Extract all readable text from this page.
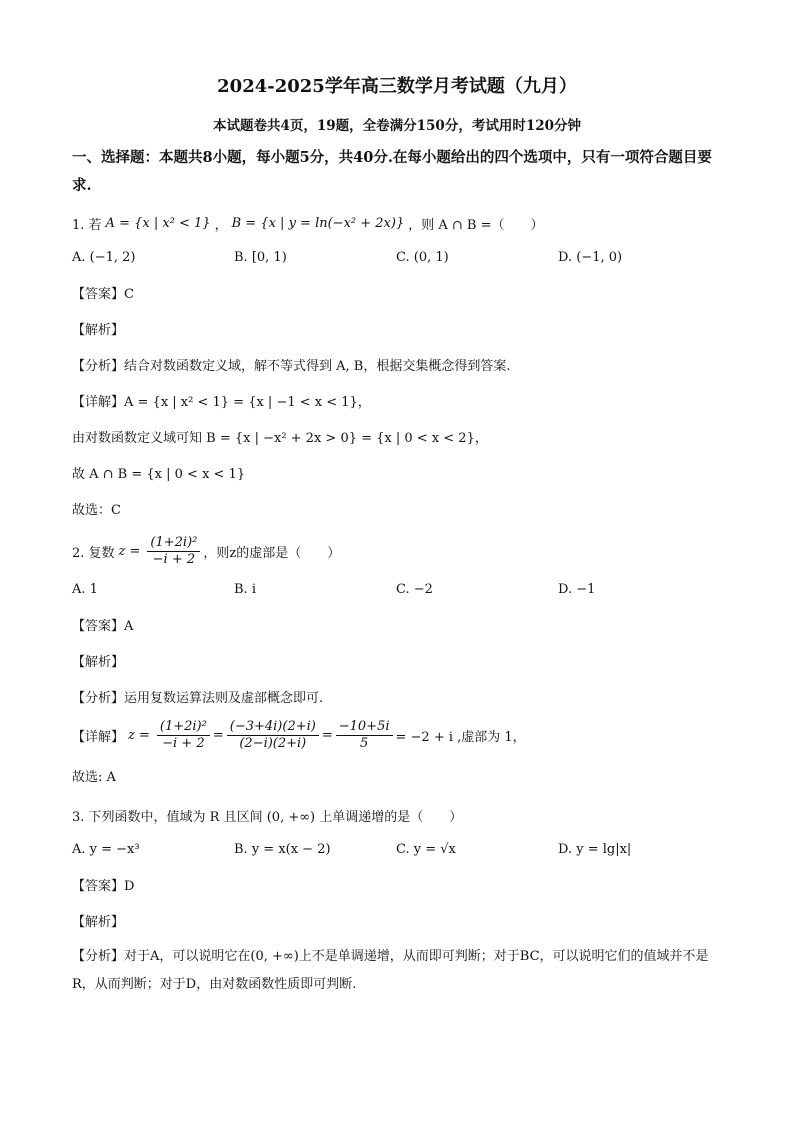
2024-2025学年高三数学月考试题（九月）
本试题卷共4页，19题，全卷满分150分，考试用时120分钟
一、选择题：本题共8小题，每小题5分，共40分.在每小题给出的四个选项中，只有一项符合题目要求.
1. 若 A = {x | x² < 1} ， B = {x | y = ln(−x² + 2x)} ，则 A ∩ B =（　　）
A. (−1, 2)	B. [0, 1)	C. (0, 1)	D. (−1, 0)
【答案】C
【解析】
【分析】结合对数函数定义域，解不等式得到 A, B，根据交集概念得到答案.
【详解】A = {x | x² < 1} = {x | −1 < x < 1}，
由对数函数定义域可知 B = {x | −x² + 2x > 0} = {x | 0 < x < 2}，
故 A ∩ B = {x | 0 < x < 1}
故选：C
2. 复数 $z = \frac{\text{(1+2i)²}}{-i + 2}$ ，则z的虚部是（　　）
A. 1	B. i	C. −2	D. −1
【答案】A
【解析】
【分析】运用复数运算法则及虚部概念即可.
【详解】 $z = \frac{\text{(1+2i)²}}{-i + 2} = \frac{(-3+4i)(2+i)}{(2-i)(2+i)} = \frac{-10+5i}{5} = -2 + i$ ,虚部为 1，
故选: A
3. 下列函数中，值域为 R 且区间 (0, +∞) 上单调递增的是（　　）
A. y = −x³	B. y = x(x − 2)	C. y = √x	D. y = lg|x|
【答案】D
【解析】
【分析】对于A，可以说明它在(0, +∞)上不是单调递增，从而即可判断；对于BC，可以说明它们的值域并不是R，从而判断；对于D，由对数函数性质即可判断.
